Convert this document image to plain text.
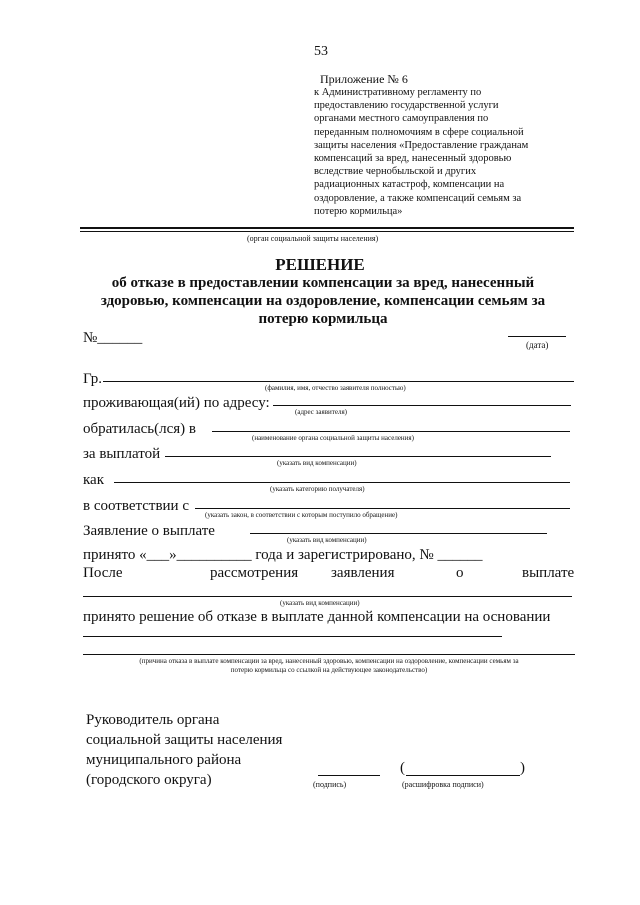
53
Приложение № 6
к Административному регламенту по
предоставлению государственной услуги
органами местного самоуправления по
переданным полномочиям в сфере социальной
защиты населения «Предоставление гражданам
компенсаций за вред, нанесенный здоровью
вследствие чернобыльской и других
радиационных катастроф, компенсации на
оздоровление, а также компенсаций семьям за
потерю кормильца»
(орган социальной защиты населения)
РЕШЕНИЕ
об отказе в предоставлении компенсации за вред, нанесенный
здоровью, компенсации на оздоровление, компенсации семьям за
потерю кормильца
№______	(дата)
Гр.
(фамилия, имя, отчество заявителя полностью)
проживающая(ий) по адресу:
(адрес заявителя)
обратилась(лся) в
(наименование органа социальной защиты населения)
за выплатой
(указать вид компенсации)
как
(указать категорию получателя)
в соответствии с
(указать закон, в соответствии с которым поступило обращение)
Заявление о выплате
(указать вид компенсации)
принято «___»__________ года и зарегистрировано, № ______
После	рассмотрения заявления	о	выплате
(указать вид компенсации)
принято решение об отказе в выплате данной компенсации на основании
(причина отказа в выплате компенсации за вред, нанесенный здоровью, компенсации на оздоровление, компенсации семьям за
потерю кормильца со ссылкой на действующее законодательство)
Руководитель органа
социальной защиты населения
муниципального района
(городского округа)	(подпись)
(	)
(расшифровка подписи)
